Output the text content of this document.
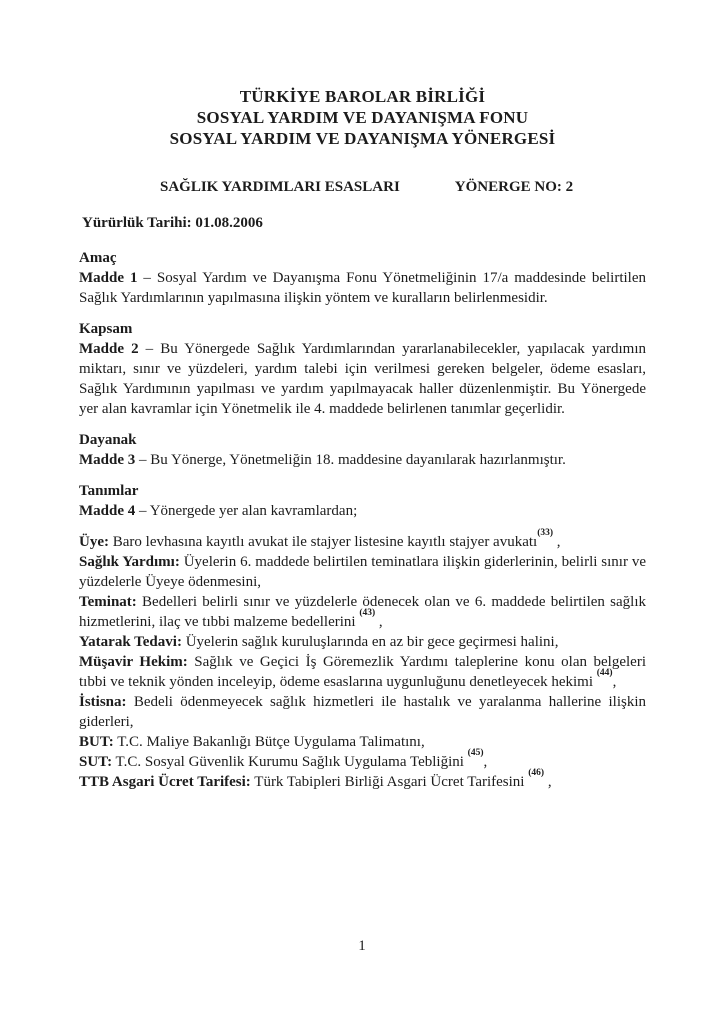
TÜRKİYE BAROLAR BİRLİĞİ
SOSYAL YARDIM VE DAYANIŞMA FONU
SOSYAL YARDIM VE DAYANIŞMA YÖNERGESİ
SAĞLIK YARDIMLARI ESASLARI	YÖNERGE NO: 2
Yürürlük Tarihi: 01.08.2006
Amaç

Madde 1 – Sosyal Yardım ve Dayanışma Fonu Yönetmeliğinin 17/a maddesinde belirtilen Sağlık Yardımlarının yapılmasına ilişkin yöntem ve kuralların belirlenmesidir.

Kapsam

Madde 2 – Bu Yönergede Sağlık Yardımlarından yararlanabilecekler, yapılacak yardımın miktarı, sınır ve yüzdeleri, yardım talebi için verilmesi gereken belgeler, ödeme esasları, Sağlık Yardımının yapılması ve yardım yapılmayacak haller düzenlenmiştir. Bu Yönergede yer alan kavramlar için Yönetmelik ile 4. maddede belirlenen tanımlar geçerlidir.

Dayanak

Madde 3 – Bu Yönerge, Yönetmeliğin 18. maddesine dayanılarak hazırlanmıştır.

Tanımlar

Madde 4 – Yönergede yer alan kavramlardan;

Üye: Baro levhasına kayıtlı avukat ile stajyer listesine kayıtlı stajyer avukatı$^{(33)}$ ,

Sağlık Yardımı: Üyelerin 6. maddede belirtilen teminatlara ilişkin giderlerinin, belirli sınır ve yüzdelerle Üyeye ödenmesini,

Teminat: Bedelleri belirli sınır ve yüzdelerle ödenecek olan ve 6. maddede belirtilen sağlık hizmetlerini, ilaç ve tıbbi malzeme bedellerini $^{(43)}$ ,

Yatarak Tedavi: Üyelerin sağlık kuruluşlarında en az bir gece geçirmesi halini,

Müşavir Hekim: Sağlık ve Geçici İş Göremezlik Yardımı taleplerine konu olan belgeleri tıbbi ve teknik yönden inceleyip, ödeme esaslarına uygunluğunu denetleyecek hekimi $^{(44)}$,

İstisna: Bedeli ödenmeyecek sağlık hizmetleri ile hastalık ve yaralanma hallerine ilişkin giderleri,

BUT: T.C. Maliye Bakanlığı Bütçe Uygulama Talimatını,

SUT: T.C. Sosyal Güvenlik Kurumu Sağlık Uygulama Tebliğini $^{(45)}$,

TTB Asgari Ücret Tarifesi: Türk Tabipleri Birliği Asgari Ücret Tarifesini $^{(46)}$ ,

1
